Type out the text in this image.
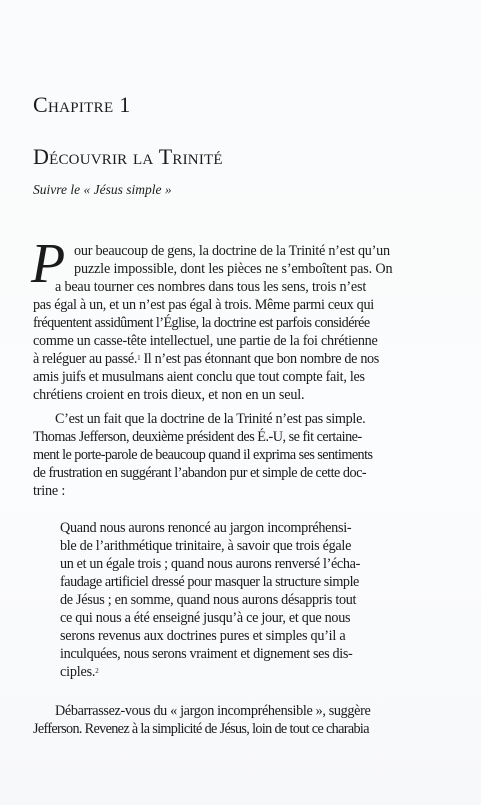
Chapitre 1
Découvrir la Trinité
Suivre le « Jésus simple »
P our beaucoup de gens, la doctrine de la Trinité n’est qu’un
puzzle impossible, dont les pièces ne s’emboîtent pas. On
a beau tourner ces nombres dans tous les sens, trois n’est
pas égal à un, et un n’est pas égal à trois. Même parmi ceux qui
fréquentent assidûment l’Église, la doctrine est parfois considérée
comme un casse-tête intellectuel, une partie de la foi chrétienne
à reléguer au passé.$^1$ Il n’est pas étonnant que bon nombre de nos
amis juifs et musulmans aient conclu que tout compte fait, les
chrétiens croient en trois dieux, et non en un seul.
C’est un fait que la doctrine de la Trinité n’est pas simple.
Thomas Jefferson, deuxième président des É.-U, se fit certaine-
ment le porte-parole de beaucoup quand il exprima ses sentiments
de frustration en suggérant l’abandon pur et simple de cette doc-
trine :
Quand nous aurons renoncé au jargon incompréhensi-
ble de l’arithmétique trinitaire, à savoir que trois égale
un et un égale trois ; quand nous aurons renversé l’écha-
faudage artificiel dressé pour masquer la structure simple
de Jésus ; en somme, quand nous aurons désappris tout
ce qui nous a été enseigné jusqu’à ce jour, et que nous
serons revenus aux doctrines pures et simples qu’il a
inculquées, nous serons vraiment et dignement ses dis-
ciples.$^2$
Débarrassez-vous du « jargon incompréhensible », suggère
Jefferson. Revenez à la simplicité de Jésus, loin de tout ce charabia
